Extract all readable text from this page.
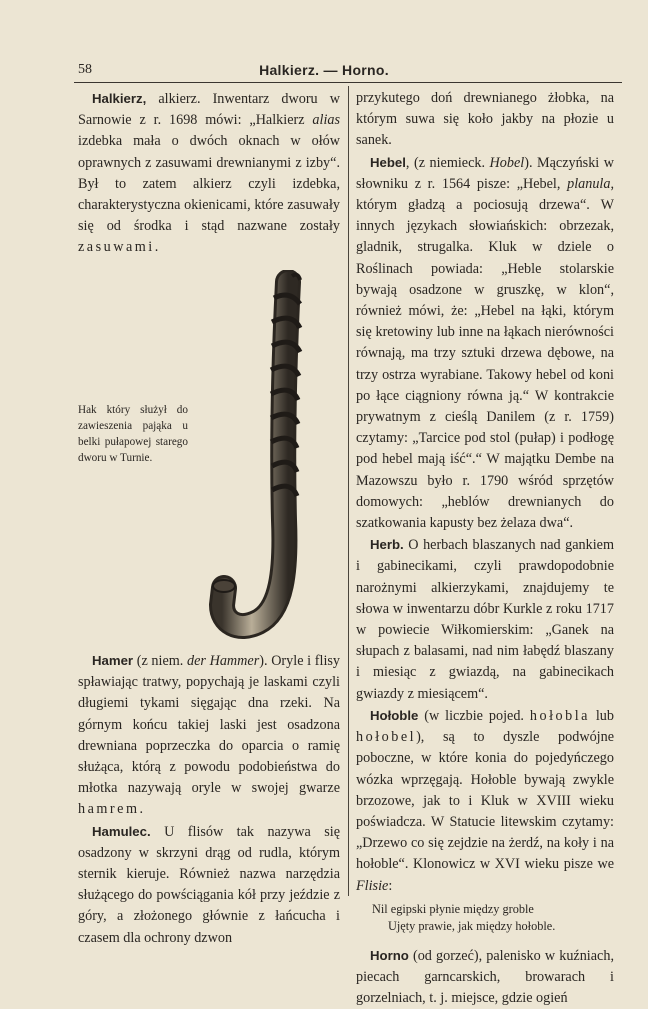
58	Halkierz. — Horno.

Halkierz, alkierz. Inwentarz dworu w Sarnowie z r. 1698 mówi: „Halkierz alias izdebka mała o dwóch oknach w ołów oprawnych z zasuwami drewnianymi z izby“. Był to zatem alkierz czyli izdebka, charakterystyczna okienicami, które zasuwały się od środka i stąd nazwane zostały zasuwami.

Hak który służył do zawieszenia pająka u belki pułapowej starego dworu w Turnie.

Hamer (z niem. der Hammer). Oryle i flisy spławiając tratwy, popychają je laskami czyli długiemi tykami sięgając dna rzeki. Na górnym końcu takiej laski jest osadzona drewniana poprzeczka do oparcia o ramię służąca, którą z powodu podobieństwa do młotka nazywają oryle w swojej gwarze hamrem.

Hamulec. U flisów tak nazywa się osadzony w skrzyni drąg od rudla, którym sternik kieruje. Również nazwa narzędzia służącego do powściągania kół przy jeździe z góry, a złożonego głównie z łańcucha i czasem dla ochrony dzwon

przykutego doń drewnianego żłobka, na którym suwa się koło jakby na płozie u sanek.

Hebel, (z niemieck. Hobel). Mączyński w słowniku z r. 1564 pisze: „Hebel, planula, którym gładzą a pociosują drzewa“. W innych językach słowiańskich: obrzezak, gladnik, strugalka. Kluk w dziele o Roślinach powiada: „Heble stolarskie bywają osadzone w gruszkę, w klon“, również mówi, że: „Hebel na łąki, którym się kretowiny lub inne na łąkach nierówności równają, ma trzy sztuki drzewa dębowe, na trzy ostrza wyrabiane. Takowy hebel od koni po łące ciągniony równa ją.“ W kontrakcie prywatnym z cieślą Danilem (z r. 1759) czytamy: „Tarcice pod stol (pułap) i podłogę pod hebel mają iść“.“ W majątku Dembe na Mazowszu było r. 1790 wśród sprzętów domowych: „heblów drewnianych do szatkowania kapusty bez żelaza dwa“.

Herb. O herbach blaszanych nad gankiem i gabinecikami, czyli prawdopodobnie narożnymi alkierzykami, znajdujemy te słowa w inwentarzu dóbr Kurkle z roku 1717 w powiecie Wiłkomierskim: „Ganek na słupach z balasami, nad nim łabędź blaszany i miesiąc z gwiazdą, na gabinecikach gwiazdy z miesiącem“.

Hołoble (w liczbie pojed. hołobla lub hołobel), są to dyszle podwójne poboczne, w które konia do pojedyńczego wózka wprzęgają. Hołoble bywają zwykle brzozowe, jak to i Kluk w XVIII wieku poświadcza. W Statucie litewskim czytamy: „Drzewo co się zejdzie na żerdź, na koły i na hołoble“. Klonowicz w XVI wieku pisze we Flisie:

Nil egipski płynie między groble
Ujęty prawie, jak między hołoble.

Horno (od gorzeć), palenisko w kuźniach, piecach garncarskich, browarach i gorzelniach, t. j. miejsce, gdzie ogień
